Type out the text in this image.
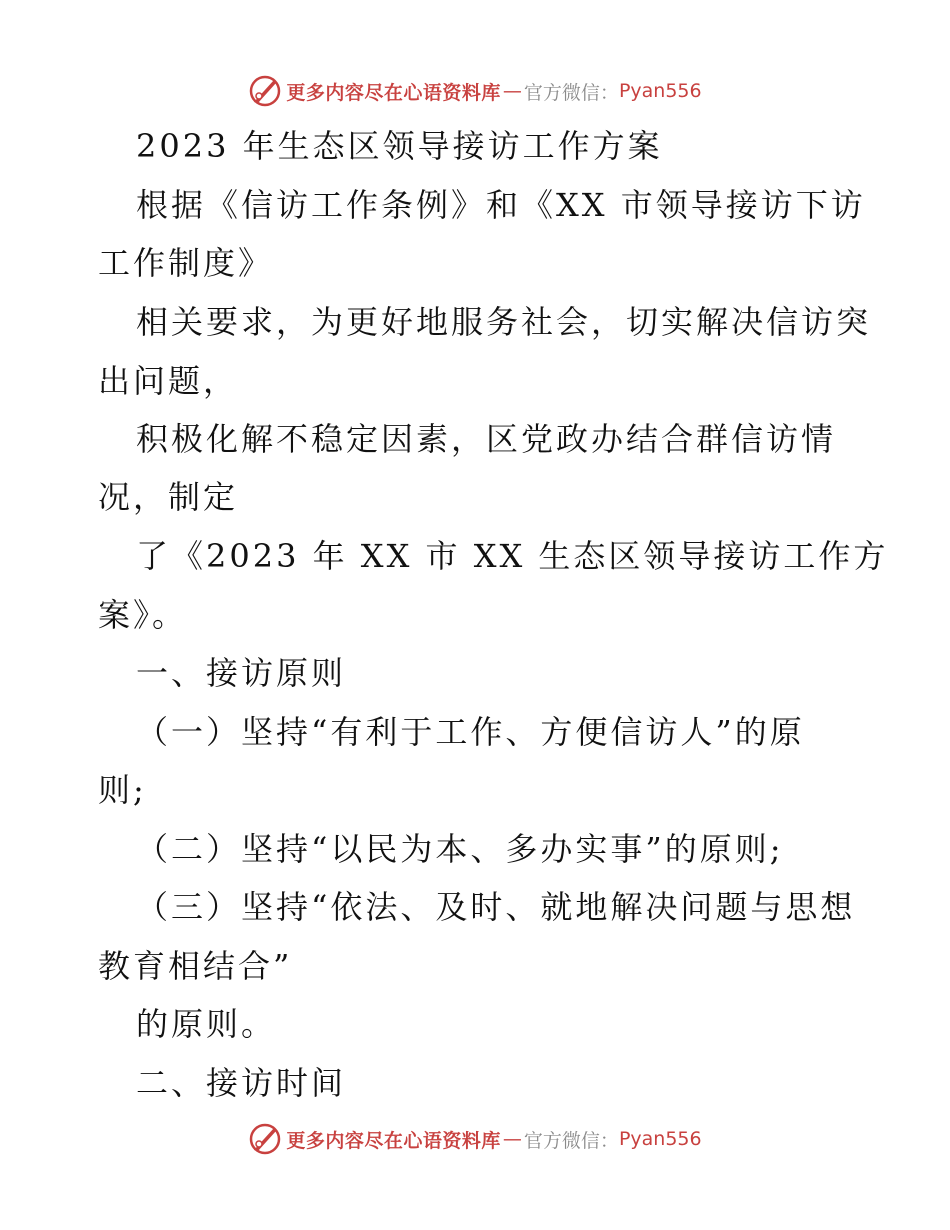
更多内容尽在心语资料库 — 官方微信： Pyan556
2023 年生态区领导接访工作方案
根据《信访工作条例》和《XX 市领导接访下访
工作制度》
相关要求，为更好地服务社会，切实解决信访突
出问题，
积极化解不稳定因素，区党政办结合群信访情
况，制定
了《2023 年 XX 市 XX 生态区领导接访工作方
案》。
一、接访原则
（一）坚持“有利于工作、方便信访人”的原
则;
（二）坚持“以民为本、多办实事”的原则;
（三）坚持“依法、及时、就地解决问题与思想
教育相结合”
的原则。
二、接访时间
更多内容尽在心语资料库 — 官方微信： Pyan556
